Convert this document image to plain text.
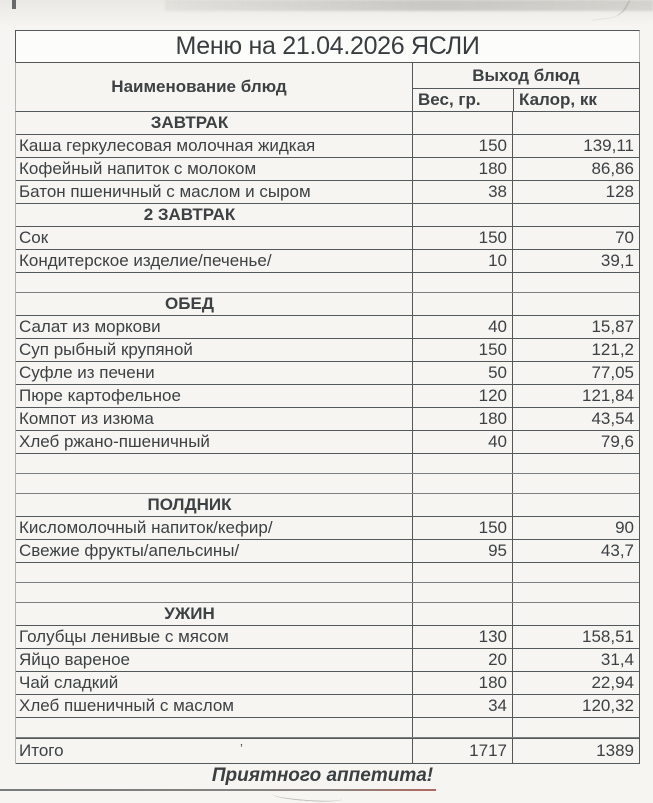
Меню на 21.04.2026 ЯСЛИ
Наименование блюд
Выход блюд
Вес, гр.	Калор, кк
ЗАВТРАК
Каша геркулесовая молочная жидкая	150	139,11
Кофейный напиток с молоком	180	86,86
Батон пшеничный с маслом и сыром	38	128
2 ЗАВТРАК
Сок	150	70
Кондитерское изделие/печенье/	10	39,1
ОБЕД
Салат из моркови	40	15,87
Суп рыбный крупяной	150	121,2
Суфле из печени	50	77,05
Пюре картофельное	120	121,84
Компот из изюма	180	43,54
Хлеб ржано-пшеничный	40	79,6
ПОЛДНИК
Кисломолочный напиток/кефир/	150	90
Свежие фрукты/апельсины/	95	43,7
УЖИН
Голубцы ленивые с мясом	130	158,51
Яйцо вареное	20	31,4
Чай сладкий	180	22,94
Хлеб пшеничный с маслом	34	120,32
Итого	1717	1389
’
Приятного аппетита!
